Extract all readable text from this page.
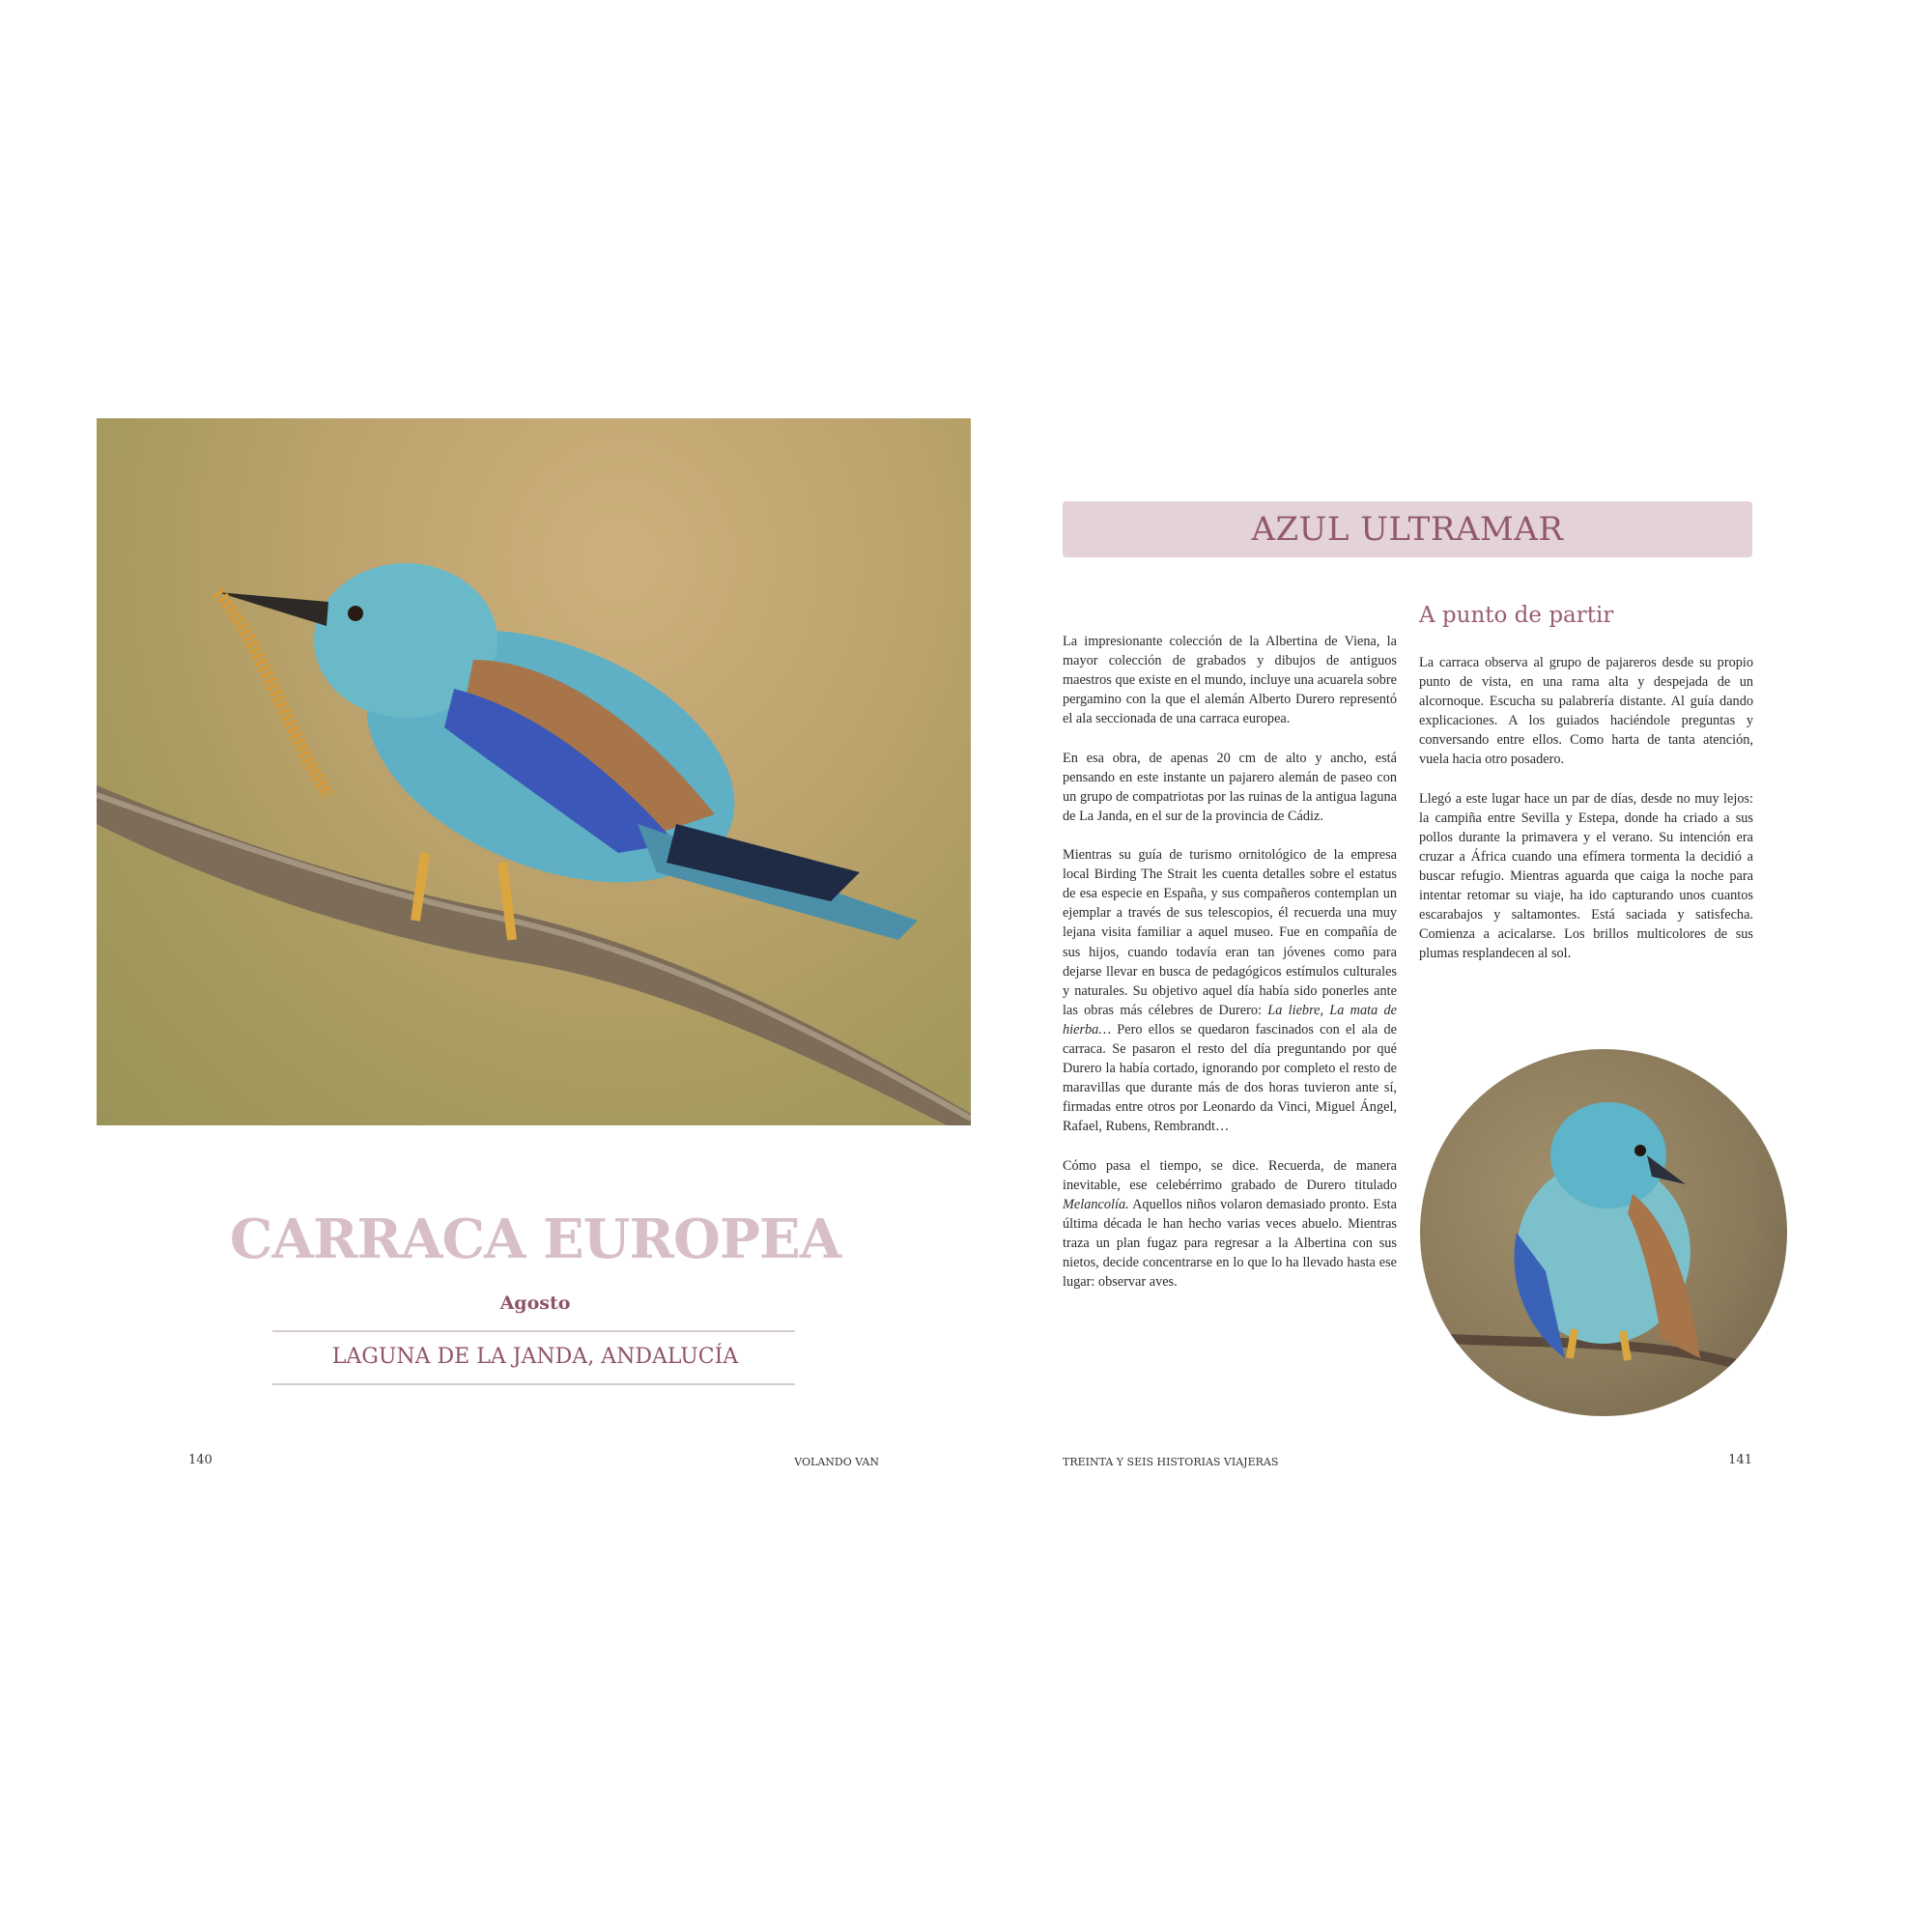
CARRACA EUROPEA
Agosto
LAGUNA DE LA JANDA, ANDALUCÍA
AZUL ULTRAMAR

La impresionante colección de la Albertina de Viena, la mayor colección de grabados y dibujos de antiguos maestros que existe en el mundo, incluye una acuarela sobre pergamino con la que el alemán Alberto Durero representó el ala seccionada de una carraca europea.

En esa obra, de apenas 20 cm de alto y ancho, está pensando en este instante un pajarero alemán de paseo con un grupo de compatriotas por las ruinas de la antigua laguna de La Janda, en el sur de la provincia de Cádiz.

Mientras su guía de turismo ornitológico de la empresa local Birding The Strait les cuenta detalles sobre el estatus de esa especie en España, y sus compañeros contemplan un ejemplar a través de sus telescopios, él recuerda una muy lejana visita familiar a aquel museo. Fue en compañía de sus hijos, cuando todavía eran tan jóvenes como para dejarse llevar en busca de pedagógicos estímulos culturales y naturales. Su objetivo aquel día había sido ponerles ante las obras más célebres de Durero: La liebre, La mata de hierba… Pero ellos se quedaron fascinados con el ala de carraca. Se pasaron el resto del día preguntando por qué Durero la había cortado, ignorando por completo el resto de maravillas que durante más de dos horas tuvieron ante sí, firmadas entre otros por Leonardo da Vinci, Miguel Ángel, Rafael, Rubens, Rembrandt…

Cómo pasa el tiempo, se dice. Recuerda, de manera inevitable, ese celebérrimo grabado de Durero titulado Melancolía. Aquellos niños volaron demasiado pronto. Esta última década le han hecho varias veces abuelo. Mientras traza un plan fugaz para regresar a la Albertina con sus nietos, decide concentrarse en lo que lo ha llevado hasta ese lugar: observar aves.

A punto de partir

La carraca observa al grupo de pajareros desde su propio punto de vista, en una rama alta y despejada de un alcornoque. Escucha su palabrería distante. Al guía dando explicaciones. A los guiados haciéndole preguntas y conversando entre ellos. Como harta de tanta atención, vuela hacia otro posadero.

Llegó a este lugar hace un par de días, desde no muy lejos: la campiña entre Sevilla y Estepa, donde ha criado a sus pollos durante la primavera y el verano. Su intención era cruzar a África cuando una efímera tormenta la decidió a buscar refugio. Mientras aguarda que caiga la noche para intentar retomar su viaje, ha ido capturando unos cuantos escarabajos y saltamontes. Está saciada y satisfecha. Comienza a acicalarse. Los brillos multicolores de sus plumas resplandecen al sol.

140	VOLANDO VAN	TREINTA Y SEIS HISTORIAS VIAJERAS	141
